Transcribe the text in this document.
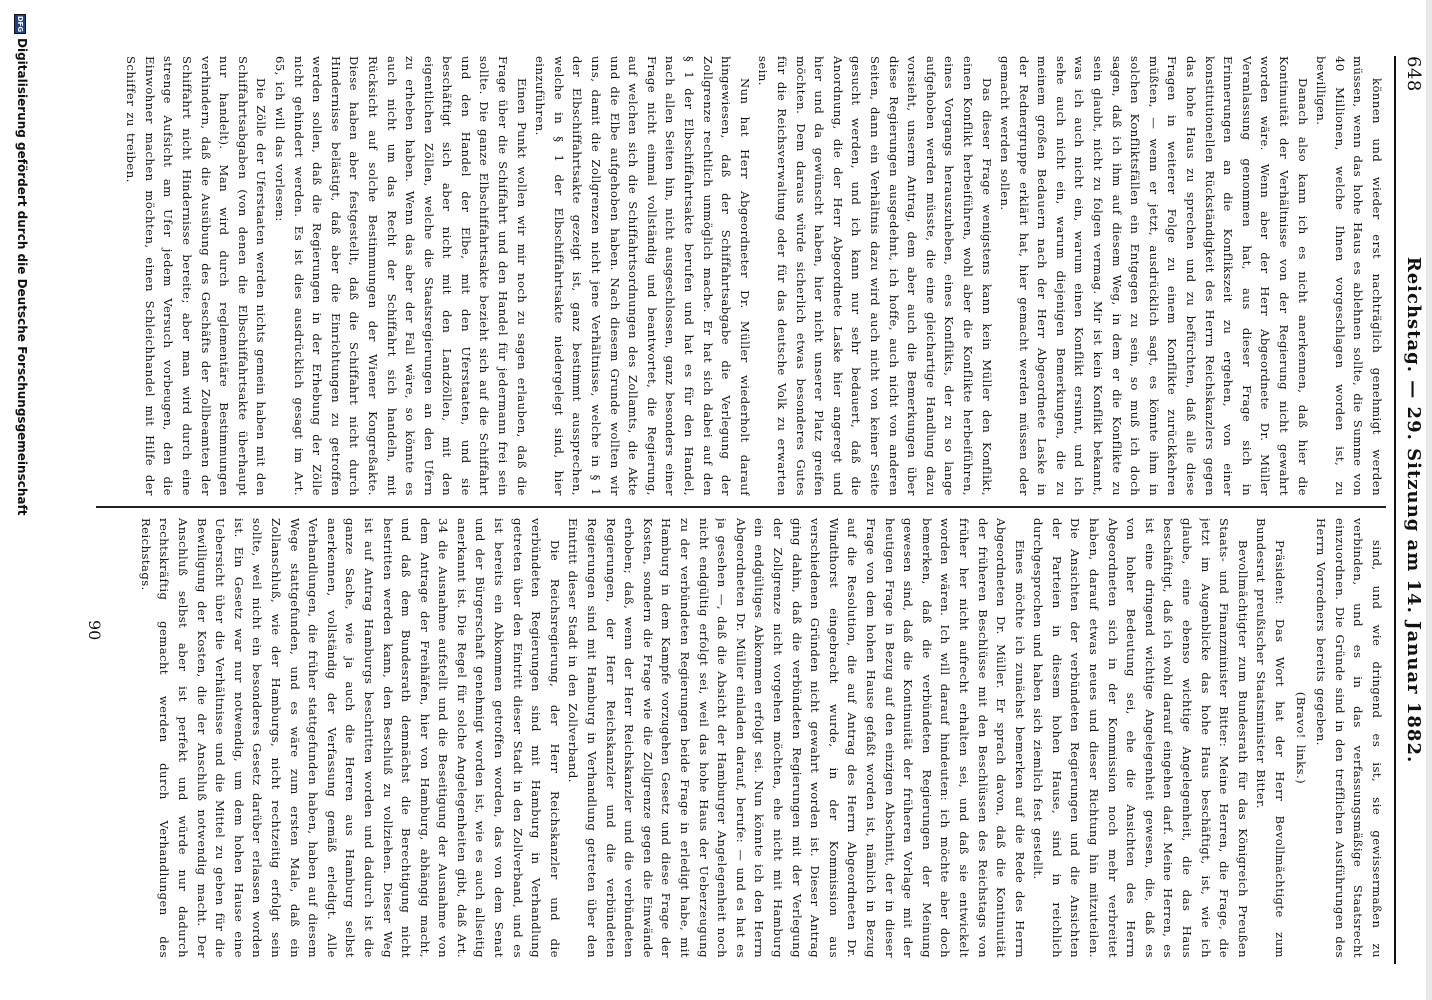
648
Reichstag. — 29. Sitzung am 14. Januar 1882.

können und wieder erst nachträglich genehmigt werden müssen, wenn das hohe Haus es ablehnen sollte, die Summe von 40 Millionen, welche Ihnen vorgeschlagen worden ist, zu bewilligen.

Danach also kann ich es nicht anerkennen, daß hier die Kontinuität der Verhältnisse von der Regierung nicht gewahrt worden wäre. Wenn aber der Herr Abgeordnete Dr. Müller Veranlassung genommen hat, aus dieser Frage sich in Erinnerungen an die Konflikszeit zu ergehen, von einer konstitutionellen Rückständigkeit des Herrn Reichskanzlers gegen das hohe Haus zu sprechen und zu befürchten, daß alle diese Fragen in weiterer Folge zu einem Konflikte zurückkehren müßten, — wenn er jetzt, ausdrücklich sagt, es könnte ihm in solchen Konfliktsfällen ein Entgegen zu sein, so muß ich doch sagen, daß ich ihm auf diesem Weg, in dem er die Konflikte zu sein glaubt, nicht zu folgen vermag. Mir ist kein Konflikt bekannt, was ich auch nicht ein, warum einen Konflikt ersinnt, und ich sehe auch nicht ein, warum diejenigen Bemerkungen, die zu meinem großen Bedauern nach der Herr Abgeordnete Laske in der Rednergruppe erklärt hat, hier gemacht werden müssen oder gemacht werden sollen.

Das dieser Frage wenigstens kann kein Müller den Konflikt, einen Konflikt herbeiführen, wohl aber die Konflikte herbeiführen, eines Vorgangs herauszuheben, eines Konflikts, der zu so lange aufgehoben werden müsste, die eine gleichartige Handlung dazu vorsieht, unserm Antrag, dem aber auch die Bemerkungen über diese Regierungen ausgedehnt, ich hoffe, auch nicht von anderen Seiten, dann ein Verhältnis dazu wird auch nicht von keiner Seite gesucht werden, und ich kann nur sehr bedauert, daß die Anordnung, die der Herr Abgeordnete Laske hier angeregt und hier und da gewünscht haben, hier nicht unserer Platz greifen möchten. Dem daraus würde sicherlich etwas besonderes Gutes für die Reichsverwaltung oder für das deutsche Volk zu erwarten sein.

Nun hat Herr Abgeordneter Dr. Müller wiederholt darauf hingewiesen, daß der Schiffahrtsabgabe die Verlegung der Zollgrenze rechtlich unmöglich mache. Er hat sich dabei auf den § 1 der Elbschiffahrtsakte berufen und hat es für den Handel, nach allen Seiten hin, nicht ausgeschlossen, ganz besonders einer Frage nicht einmal vollständig und beantwortet, die Regierung, auf welchen sich die Schiffahrtsordnungen des Zollamts, die Akte und die Elbe aufgehoben haben. Nach diesem Grunde wollten wir uns, damit die Zollgrenzen nicht jene Verhältnisse, welche in § 1 der Elbschiffahrtsakte gezeigt ist, ganz bestimmt aussprechen, welche in § 1 der Elbschiffahrtsakte niedergelegt sind, hier einzuführen.

Einen Punkt wollen wir mir noch zu sagen erlauben, daß die Frage über die Schiffahrt und den Handel für jedermann frei sein sollte. Die ganze Elbschiffahrtsakte bezieht sich auf die Schiffahrt und den Handel der Elbe, mit den Uferstaaten, und sie beschäftigt sich aber nicht mit den Landzöllen, mit den eigentlichen Zöllen, welche die Staatsregierungen an den Ufern zu erheben haben. Wenn das aber der Fall wäre, so könnte es auch nicht um das Recht der Schiffahrt sich handeln, mit Rücksicht auf solche Bestimmungen der Wiener Kongreßakte. Diese haben aber festgestellt, daß die Schiffahrt nicht durch Hindernisse belästigt, daß aber die Einrichtungen zu getroffen werden sollen, daß die Regierungen in der Erhebung der Zölle nicht gehindert werden. Es ist dies ausdrücklich gesagt im Art. 65, ich will das vorlesen:

Die Zölle der Uferstaaten werden nichts gemein haben mit den Schiffahrtsabgaben (von denen die Elbschiffahrtsakte überhaupt nur handelt). Man wird durch reglementäre Bestimmungen verhindern, daß die Ausübung des Geschäfts der Zollbeamten der Schiffahrt nicht Hindernisse bereite; aber man wird durch eine strenge Aufsicht am Ufer jedem Versuch vorbeugen, den die Einwohner machen möchten, einen Schleichhandel mit Hilfe der Schiffer zu treiben.

sind, und wie dringend es ist, sie gewissermaßen zu verbinden, und es in das verfassungsmäßige Staatsrecht einzuordnen. Die Gründe sind in den trefflichen Ausführungen des Herrn Vorredners bereits gegeben.

(Bravo! links.)

Präsident: Das Wort hat der Herr Bevollmächtigte zum Bundesrat preußischer Staatsminister Bitter.

Bevollmächtigter zum Bundesrath für das Königreich Preußen Staats- und Finanzminister Bitter: Meine Herren, die Frage, die jetzt im Augenblicke das hohe Haus beschäftigt, ist, wie ich glaube, eine ebenso wichtige Angelegenheit, die das Haus beschäftigt, daß ich wohl darauf eingehen darf. Meine Herren, es ist eine dringend wichtige Angelegenheit gewesen, die, daß es von hoher Bedeutung sei, ehe die Ansichten des Herrn Abgeordneten sich in der Kommission noch mehr verbreitet haben, darauf etwas neues und dieser Richtung hin mitzuteilen. Die Ansichten der verbündeten Regierungen und die Ansichten der Parteien in diesem hohen Hause, sind in reichlich durchgesprochen und haben sich ziemlich fest gestellt.

Eines möchte ich zunächst bemerken auf die Rede des Herrn Abgeordneten Dr. Müller. Er sprach davon, daß die Kontinuität der früheren Beschlüsse mit den Beschlüssen des Reichstags von früher her nicht aufrecht erhalten sei, und daß sie entwickelt worden wären. Ich will darauf hindeuten: ich möchte aber doch bemerken, daß die verbündeten Regierungen der Meinung gewesen sind, daß die Kontinuität der früheren Vorlage mit der heutigen Frage in Bezug auf den einzigen Abschnitt, der in dieser Frage von dem hohen Hause gefaßt worden ist, nämlich in Bezug auf die Resolution, die auf Antrag des Herrn Abgeordneten Dr. Windthorst eingebracht wurde, in der Kommission aus verschiedenen Gründen nicht gewahrt worden ist. Dieser Antrag ging dahin, daß die verbündeten Regierungen mit der Verlegung der Zollgrenze nicht vorgehen möchten, ehe nicht mit Hamburg ein endgültiges Abkommen erfolgt sei. Nun könnte ich den Herrn Abgeordneten Dr. Müller einladen darauf, berufe: — und es hat es ja gesehen —, daß die Absicht der Hamburger Angelegenheit noch nicht endgültig erfolgt sei, weil das hohe Haus der Ueberzeugung zu der verbündeten Regierungen beide Frage in erledigt habe, mit Hamburg in dem Kampfe vorzugehen Gesetz und diese Frage der Kosten, sondern die Frage wie die Zollgrenze gegen die Einwände erhoben; daß, wenn der Herr Reichskanzler und die verbündeten Regierungen, der Herr Reichskanzler und die verbündeten Regierungen sind mit Hamburg in Verhandlung getreten über den Eintritt dieser Stadt in den Zollverband.

Die Reichsregierung, der Herr Reichskanzler und die verbündeten Regierungen sind mit Hamburg in Verhandlung getreten über den Eintritt dieser Stadt in den Zollverband, und es ist bereits ein Abkommen getroffen worden, das von dem Senat und der Bürgerschaft genehmigt worden ist, wie es auch allseitig anerkannt ist. Die Regel für solche Angelegenheiten gibt, daß Art. 34 die Ausnahme aufstellt und die Beseitigung der Ausnahme von dem Antrage der Freihäfen, hier von Hamburg, abhängig macht, und daß dem Bundesrath demnächst die Berechtigung nicht bestritten werden kann, den Beschluß zu vollziehen. Dieser Weg ist auf Antrag Hamburgs beschritten worden und dadurch ist die ganze Sache, wie ja auch die Herren aus Hamburg selbst anerkennen, vollständig der Verfassung gemäß erledigt. Alle Verhandlungen, die früher stattgefunden haben, haben auf diesem Wege stattgefunden, und es wäre zum ersten Male, daß ein Zollanschluß, wie der Hamburgs, nicht rechtzeitig erfolgt sein sollte, weil nicht ein besonderes Gesetz darüber erlassen worden ist. Ein Gesetz war nur notwendig, um dem hohen Hause eine Uebersicht über die Verhältnisse und die Mittel zu geben für die Bewilligung der Kosten, die der Anschluß notwendig macht. Der Anschluß selbst aber ist perfekt und würde nur dadurch rechtskräftig gemacht werden durch Verhandlungen des Reichstags.

90
DFG
Digitalisierung gefördert durch die Deutsche Forschungsgemeinschaft
